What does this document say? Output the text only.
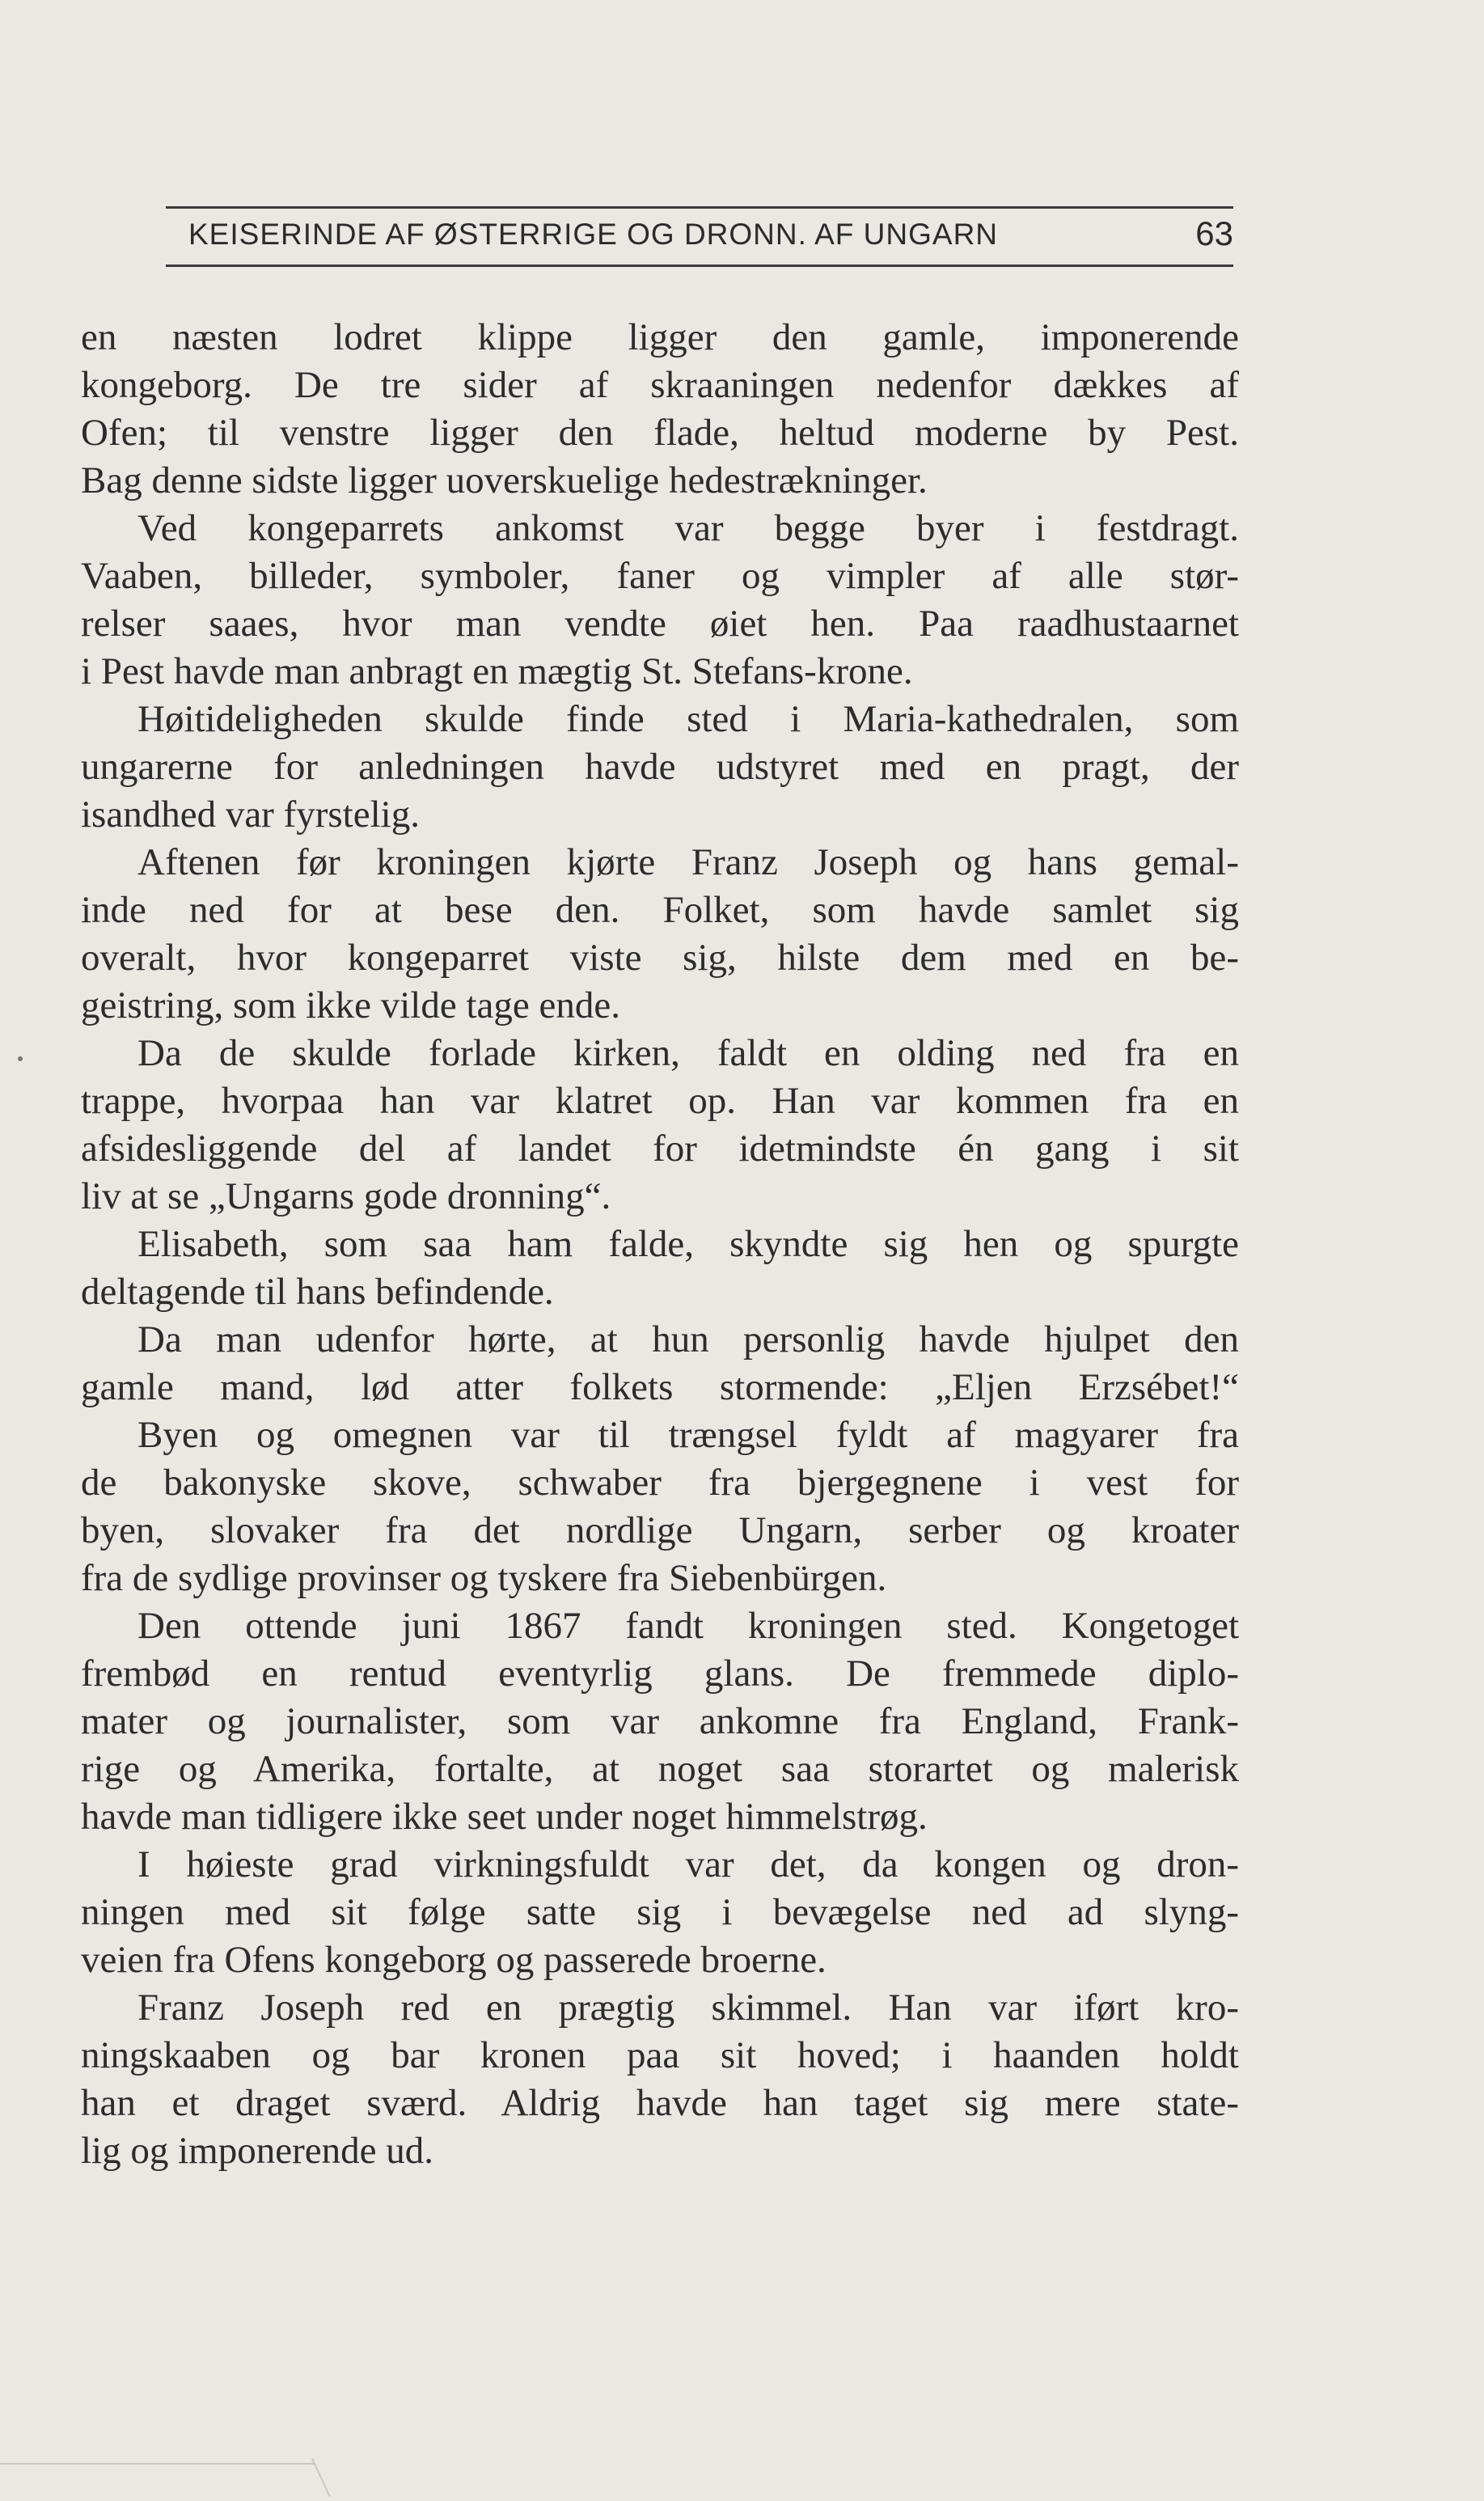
KEISERINDE AF ØSTERRIGE OG DRONN. AF UNGARN	63
en næsten lodret klippe ligger den gamle, imponerende
kongeborg. De tre sider af skraaningen nedenfor dækkes af
Ofen; til venstre ligger den flade, heltud moderne by Pest.
Bag denne sidste ligger uoverskuelige hedestrækninger.
Ved kongeparrets ankomst var begge byer i festdragt.
Vaaben, billeder, symboler, faner og vimpler af alle stør-
relser saaes, hvor man vendte øiet hen. Paa raadhustaarnet
i Pest havde man anbragt en mægtig St. Stefans-krone.
Høitideligheden skulde finde sted i Maria-kathedralen, som
ungarerne for anledningen havde udstyret med en pragt, der
isandhed var fyrstelig.
Aftenen før kroningen kjørte Franz Joseph og hans gemal-
inde ned for at bese den. Folket, som havde samlet sig
overalt, hvor kongeparret viste sig, hilste dem med en be-
geistring, som ikke vilde tage ende.
Da de skulde forlade kirken, faldt en olding ned fra en
trappe, hvorpaa han var klatret op. Han var kommen fra en
afsidesliggende del af landet for idetmindste én gang i sit
liv at se „Ungarns gode dronning“.
Elisabeth, som saa ham falde, skyndte sig hen og spurgte
deltagende til hans befindende.
Da man udenfor hørte, at hun personlig havde hjulpet den
gamle mand, lød atter folkets stormende: „Eljen Erzsébet!“
Byen og omegnen var til trængsel fyldt af magyarer fra
de bakonyske skove, schwaber fra bjergegnene i vest for
byen, slovaker fra det nordlige Ungarn, serber og kroater
fra de sydlige provinser og tyskere fra Siebenbürgen.
Den ottende juni 1867 fandt kroningen sted. Kongetoget
frembød en rentud eventyrlig glans. De fremmede diplo-
mater og journalister, som var ankomne fra England, Frank-
rige og Amerika, fortalte, at noget saa storartet og malerisk
havde man tidligere ikke seet under noget himmelstrøg.
I høieste grad virkningsfuldt var det, da kongen og dron-
ningen med sit følge satte sig i bevægelse ned ad slyng-
veien fra Ofens kongeborg og passerede broerne.
Franz Joseph red en prægtig skimmel. Han var iført kro-
ningskaaben og bar kronen paa sit hoved; i haanden holdt
han et draget sværd. Aldrig havde han taget sig mere state-
lig og imponerende ud.
